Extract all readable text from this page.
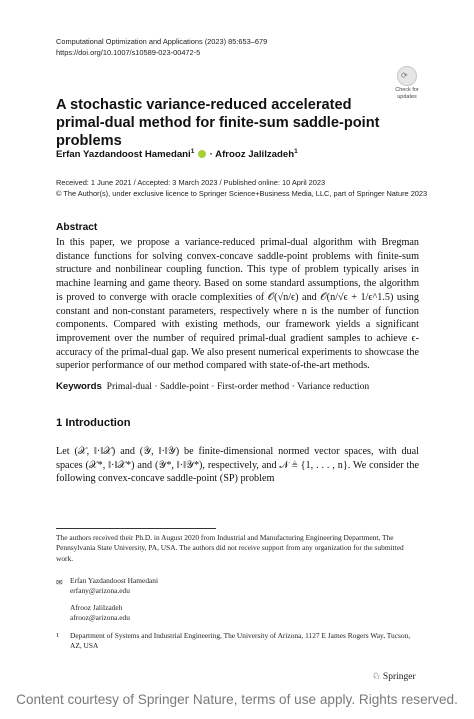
Computational Optimization and Applications (2023) 85:653–679
https://doi.org/10.1007/s10589-023-00472-5
⟳
Check for
updates
A stochastic variance-reduced accelerated primal-dual method for finite-sum saddle-point problems
Erfan Yazdandoost Hamedani$^1$  · Afrooz Jalilzadeh$^1$
Received: 1 June 2021 / Accepted: 3 March 2023 / Published online: 10 April 2023
© The Author(s), under exclusive licence to Springer Science+Business Media, LLC, part of Springer Nature 2023
Abstract

In this paper, we propose a variance-reduced primal-dual algorithm with Bregman distance functions for solving convex-concave saddle-point problems with finite-sum structure and nonbilinear coupling function. This type of problem typically arises in machine learning and game theory. Based on some standard assumptions, the algorithm is proved to converge with oracle complexities of 𝒪(√n/ϵ) and 𝒪(n/√ϵ + 1/ϵ^1.5) using constant and non-constant parameters, respectively where n is the number of function components. Compared with existing methods, our framework yields a significant improvement over the number of required primal-dual gradient samples to achieve ϵ-accuracy of the primal-dual gap. We also present numerical experiments to showcase the superior performance of our method compared with state-of-the-art methods.

Keywords Primal-dual · Saddle-point · First-order method · Variance reduction
1 Introduction

Let (𝒳, ‖·‖𝒳) and (𝒴, ‖·‖𝒴) be finite-dimensional normed vector spaces, with dual spaces (𝒳*, ‖·‖𝒳*) and (𝒴*, ‖·‖𝒴*), respectively, and 𝒩 ≜ {1, . . . , n}. We consider the following convex-concave saddle-point (SP) problem

The authors received their Ph.D. in August 2020 from Industrial and Manufacturing Engineering Department, The Pennsylvania State University, PA, USA. The authors did not receive support from any organization for the submitted work.
✉ Erfan Yazdandoost Hamedani
erfany@arizona.edu
Afrooz Jalilzadeh
afrooz@arizona.edu
1 Department of Systems and Industrial Engineering, The University of Arizona, 1127 E James Rogers Way, Tucson, AZ, USA
♘ Springer
Content courtesy of Springer Nature, terms of use apply. Rights reserved.
